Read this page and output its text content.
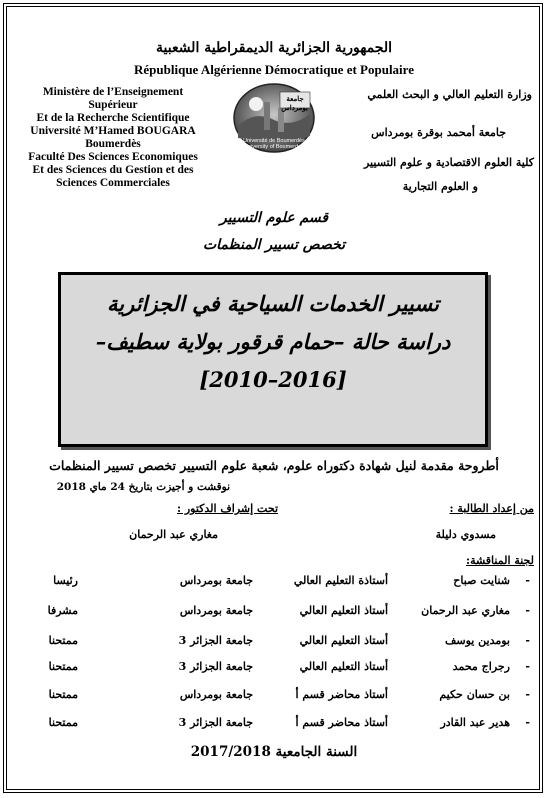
الجمهورية الجزائرية الديمقراطية الشعبية
République Algérienne Démocratique et Populaire
Ministère de l’Enseignement
Supérieur
Et de la Recherche Scientifique
Université M’Hamed BOUGARA
Boumerdès
Faculté Des Sciences Economiques
Et des Sciences du Gestion et des
Sciences Commerciales
جامعة بومرداس
Université de Boumerdès
University of Boumerdes
وزارة التعليم العالي و البحث العلمي
جامعة أمحمد بوقرة بومرداس
كلية العلوم الاقتصادية و علوم التسيير
و العلوم التجارية
قسم علوم التسيير
تخصص تسيير المنظمات
تسيير الخدمات السياحية في الجزائرية
دراسة حالة –حمام قرقور بولاية سطيف–
[2010–2016]
أطروحة مقدمة لنيل شهادة دكتوراه علوم، شعبة علوم التسيير تخصص تسيير المنظمات
نوقشت و أجيزت بتاريخ 24 ماي 2018
من إعداد الطالبة :
تحت إشراف الدكتور :
مسدوي دليلة
مغاري عبد الرحمان
لجنة المناقشة:
-
شنايت صباح
أستاذة التعليم العالي
جامعة بومرداس
رئيسا
-
مغاري عبد الرحمان
أستاذ التعليم العالي
جامعة بومرداس
مشرفا
-
بومدين يوسف
أستاذ التعليم العالي
جامعة الجزائر 3
ممتحنا
-
رجراج محمد
أستاذ التعليم العالي
جامعة الجزائر 3
ممتحنا
-
بن حسان حكيم
أستاذ محاضر قسم أ
جامعة بومرداس
ممتحنا
-
هدير عبد القادر
أستاذ محاضر قسم أ
جامعة الجزائر 3
ممتحنا
السنة الجامعية 2017/2018
